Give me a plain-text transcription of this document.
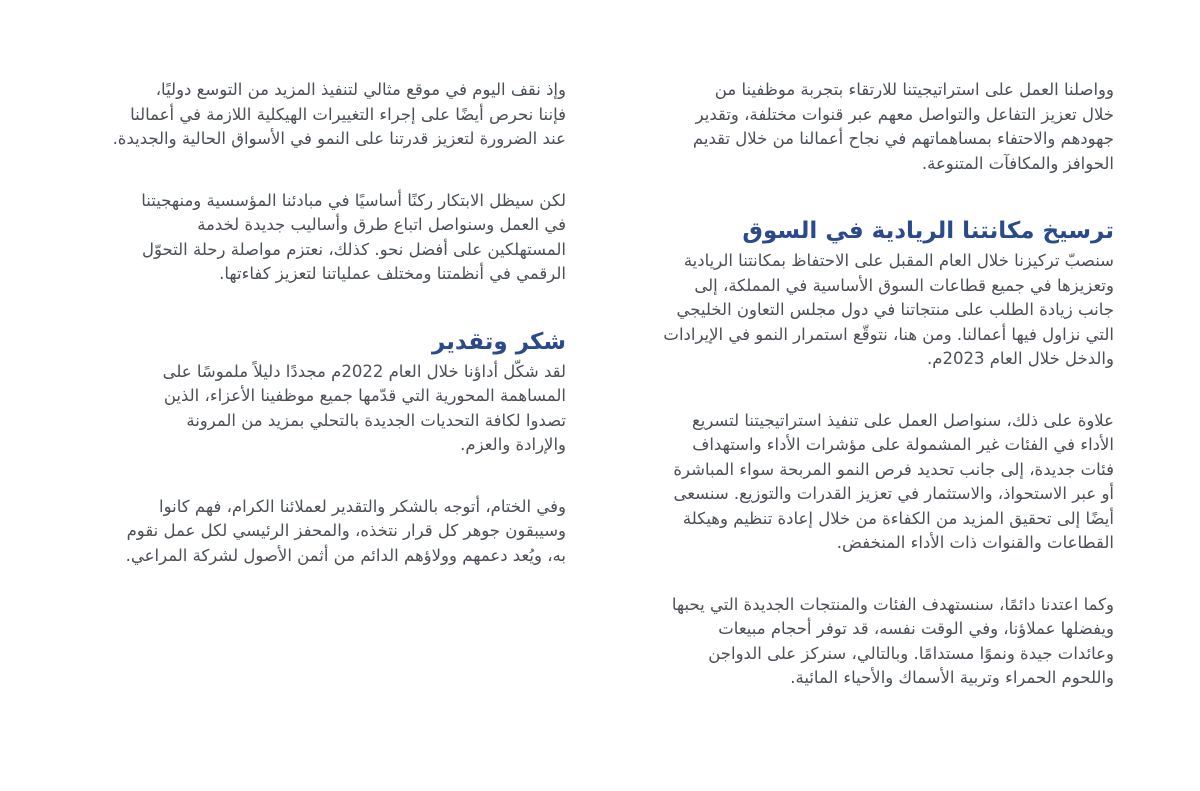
وواصلنا العمل على استراتيجيتنا للارتقاء بتجربة موظفينا من
خلال تعزيز التفاعل والتواصل معهم عبر قنوات مختلفة، وتقدير
جهودهم والاحتفاء بمساهماتهم في نجاح أعمالنا من خلال تقديم
الحوافز والمكافآت المتنوعة.

ترسيخ مكانتنا الريادية في السوق

سنصبّ تركيزنا خلال العام المقبل على الاحتفاظ بمكانتنا الريادية
وتعزيزها في جميع قطاعات السوق الأساسية في المملكة، إلى
جانب زيادة الطلب على منتجاتنا في دول مجلس التعاون الخليجي
التي نزاول فيها أعمالنا. ومن هنا، نتوقّع استمرار النمو في الإيرادات
والدخل خلال العام 2023م.

علاوة على ذلك، سنواصل العمل على تنفيذ استراتيجيتنا لتسريع
الأداء في الفئات غير المشمولة على مؤشرات الأداء واستهداف
فئات جديدة، إلى جانب تحديد فرص النمو المربحة سواء المباشرة
أو عبر الاستحواذ، والاستثمار في تعزيز القدرات والتوزيع. سنسعى
أيضًا إلى تحقيق المزيد من الكفاءة من خلال إعادة تنظيم وهيكلة
القطاعات والقنوات ذات الأداء المنخفض.

وكما اعتدنا دائمًا، سنستهدف الفئات والمنتجات الجديدة التي يحبها
ويفضلها عملاؤنا، وفي الوقت نفسه، قد توفر أحجام مبيعات
وعائدات جيدة ونموًا مستدامًا. وبالتالي، سنركز على الدواجن
واللحوم الحمراء وتربية الأسماك والأحياء المائية.

وإذ نقف اليوم في موقع مثالي لتنفيذ المزيد من التوسع دوليًا،
فإننا نحرص أيضًا على إجراء التغييرات الهيكلية اللازمة في أعمالنا
عند الضرورة لتعزيز قدرتنا على النمو في الأسواق الحالية والجديدة.

لكن سيظل الابتكار ركنًا أساسيًا في مبادئنا المؤسسية ومنهجيتنا
في العمل وسنواصل اتباع طرق وأساليب جديدة لخدمة
المستهلكين على أفضل نحو. كذلك، نعتزم مواصلة رحلة التحوّل
الرقمي في أنظمتنا ومختلف عملياتنا لتعزيز كفاءتها.

شكر وتقدير

لقد شكّل أداؤنا خلال العام 2022م مجددًا دليلاً ملموسًا على
المساهمة المحورية التي قدّمها جميع موظفينا الأعزاء، الذين
تصدوا لكافة التحديات الجديدة بالتحلي بمزيد من المرونة
والإرادة والعزم.

وفي الختام، أتوجه بالشكر والتقدير لعملائنا الكرام، فهم كانوا
وسيبقون جوهر كل قرار نتخذه، والمحفز الرئيسي لكل عمل نقوم
به، ويُعد دعمهم وولاؤهم الدائم من أثمن الأصول لشركة المراعي.
